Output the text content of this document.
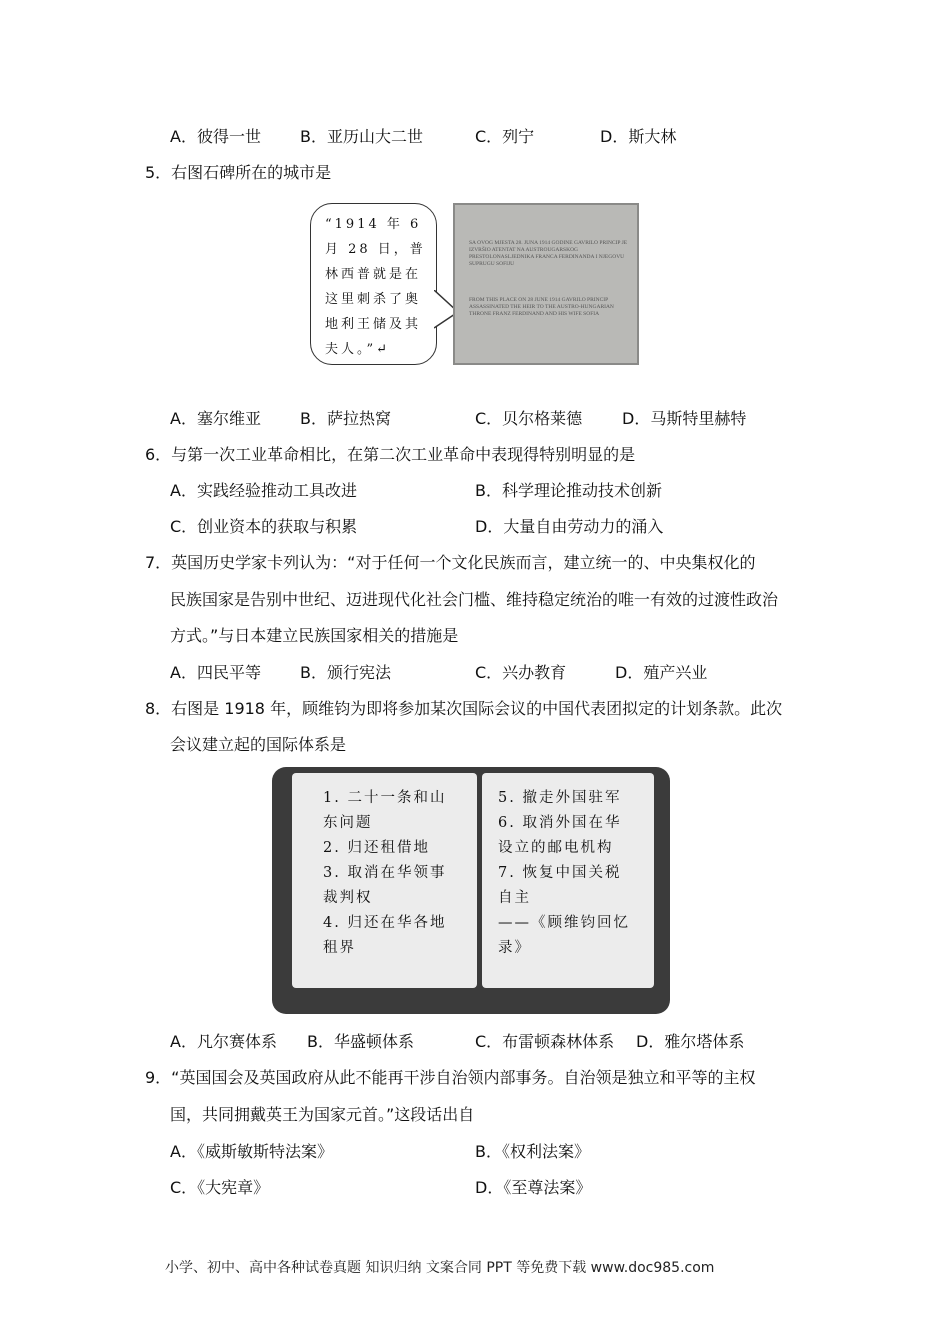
A．彼得一世 B．亚历山大二世	C．列宁	D．斯大林
5．右图石碑所在的城市是
“1914 年 6 月 28 日，普林西普就是在这里刺杀了奥地利王储及其夫人。”↵
SA OVOG MJESTA 28. JUNA 1914 GODINE GAVRILO PRINCIP JE IZVRŠIO ATENTAT NA AUSTROUGARSKOG PRESTOLONASLJEDNIKA FRANCA FERDINANDA I NJEGOVU SUPRUGU SOFIJU
FROM THIS PLACE ON 28 JUNE 1914 GAVRILO PRINCIP ASSASSINATED THE HEIR TO THE AUSTRO-HUNGARIAN THRONE FRANZ FERDINAND AND HIS WIFE SOFIA
A．塞尔维亚 B．萨拉热窝	C．贝尔格莱德 D．马斯特里赫特
6．与第一次工业革命相比，在第二次工业革命中表现得特别明显的是
A．实践经验推动工具改进	B．科学理论推动技术创新
C．创业资本的获取与积累	D．大量自由劳动力的涌入
7．英国历史学家卡列认为：“对于任何一个文化民族而言，建立统一的、中央集权化的
民族国家是告别中世纪、迈进现代化社会门槛、维持稳定统治的唯一有效的过渡性政治
方式。”与日本建立民族国家相关的措施是
A．四民平等 B．颁行宪法	C．兴办教育	D．殖产兴业
8．右图是 1918 年，顾维钧为即将参加某次国际会议的中国代表团拟定的计划条款。此次
会议建立起的国际体系是
1. 二十一条和山
东问题
2. 归还租借地
3. 取消在华领事
裁判权
4. 归还在华各地
租界
5. 撤走外国驻军
6. 取消外国在华
设立的邮电机构
7. 恢复中国关税
自主
——《顾维钧回忆
录》
A．凡尔赛体系 B．华盛顿体系	C．布雷顿森林体系 D．雅尔塔体系
9．“英国国会及英国政府从此不能再干涉自治领内部事务。自治领是独立和平等的主权
国，共同拥戴英王为国家元首。”这段话出自
A．《威斯敏斯特法案》	B．《权利法案》
C．《大宪章》	D．《至尊法案》
小学、初中、高中各种试卷真题 知识归纳 文案合同 PPT 等免费下载 www.doc985.com
